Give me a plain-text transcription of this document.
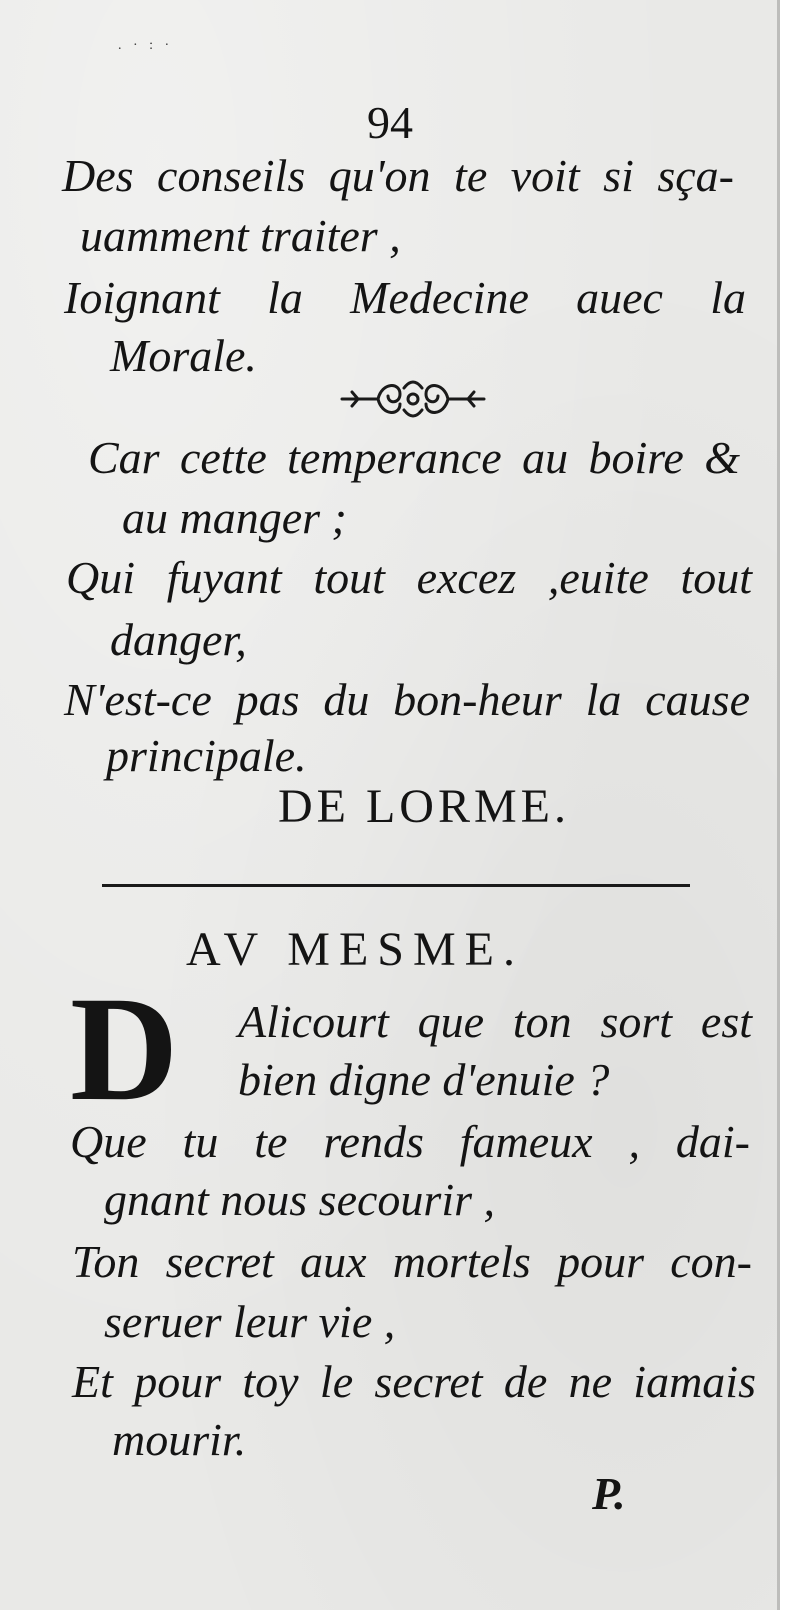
. · : ·
94

Des conseils qu'on te voit si sça-

uamment traiter ,

Ioignant la Medecine auec la

Morale.

Car cette temperance au boire &

au manger ;

Qui fuyant tout excez ,euite tout

danger,

N'est-ce pas du bon-heur la cause

principale.

DE LORME.

AV MESME.
D Alicourt que ton sort est

bien digne d'enuie ?

Que tu te rends fameux , dai-

gnant nous secourir ,

Ton secret aux mortels pour con-

seruer leur vie ,

Et pour toy le secret de ne iamais

mourir.

P.
